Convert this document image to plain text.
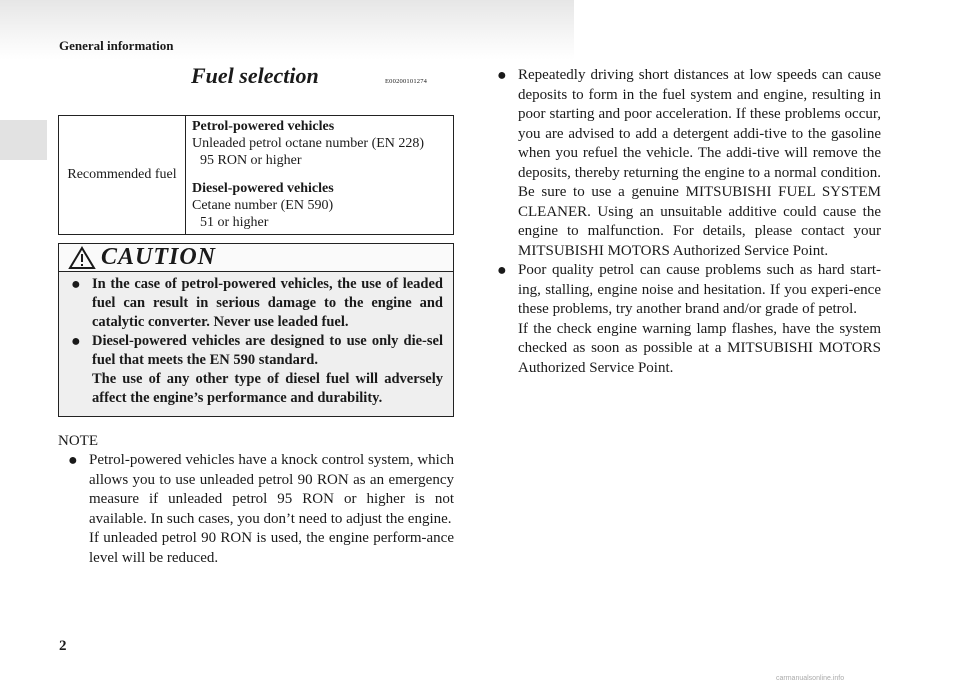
General information
Fuel selection	E00200101274
Recommended fuel
Petrol-powered vehicles
Unleaded petrol octane number (EN 228)
95 RON or higher
Diesel-powered vehicles
Cetane number (EN 590)
51 or higher
CAUTION
● In the case of petrol-powered vehicles, the use of leaded fuel can result in serious damage to the engine and catalytic converter. Never use leaded fuel.
● Diesel-powered vehicles are designed to use only die-sel fuel that meets the EN 590 standard.
The use of any other type of diesel fuel will adversely affect the engine’s performance and durability.
NOTE
● Petrol-powered vehicles have a knock control system, which allows you to use unleaded petrol 90 RON as an emergency measure if unleaded petrol 95 RON or higher is not available. In such cases, you don’t need to adjust the engine.
If unleaded petrol 90 RON is used, the engine perform-ance level will be reduced.
● Repeatedly driving short distances at low speeds can cause deposits to form in the fuel system and engine, resulting in poor starting and poor acceleration. If these problems occur, you are advised to add a detergent addi-tive to the gasoline when you refuel the vehicle. The addi-tive will remove the deposits, thereby returning the engine to a normal condition. Be sure to use a genuine MITSUBISHI FUEL SYSTEM CLEANER. Using an unsuitable additive could cause the engine to malfunction. For details, please contact your MITSUBISHI MOTORS Authorized Service Point.
● Poor quality petrol can cause problems such as hard start-ing, stalling, engine noise and hesitation. If you experi-ence these problems, try another brand and/or grade of petrol.
If the check engine warning lamp flashes, have the system checked as soon as possible at a MITSUBISHI MOTORS Authorized Service Point.
2
carmanualsonline.info
